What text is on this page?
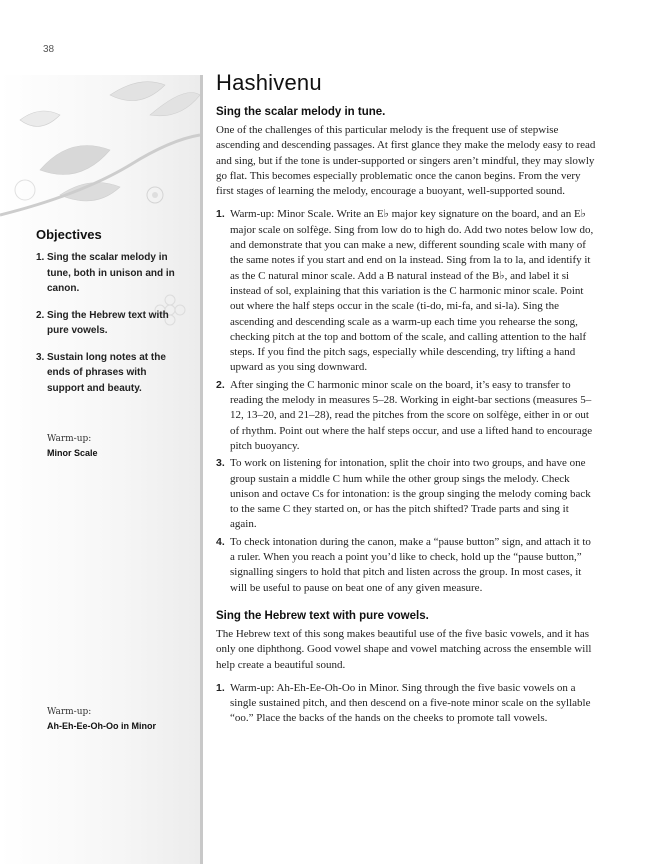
38
Objectives
1. Sing the scalar melody in tune, both in unison and in canon.
2. Sing the Hebrew text with pure vowels.
3. Sustain long notes at the ends of phrases with support and beauty.
Warm-up:
Minor Scale
Warm-up:
Ah-Eh-Ee-Oh-Oo in Minor
Hashivenu
Sing the scalar melody in tune.

One of the challenges of this particular melody is the frequent use of stepwise ascending and descending passages. At first glance they make the melody easy to read and sing, but if the tone is under-supported or singers aren’t mindful, they may slowly go flat. This becomes especially problematic once the canon begins. From the very first stages of learning the melody, encourage a buoyant, well-supported sound.

1. Warm-up: Minor Scale. Write an E♭ major key signature on the board, and an E♭ major scale on solfège. Sing from low do to high do. Add two notes below low do, and demonstrate that you can make a new, different sounding scale with many of the same notes if you start and end on la instead. Sing from la to la, and identify it as the C natural minor scale. Add a B natural instead of the B♭, and label it si instead of sol, explaining that this variation is the C harmonic minor scale. Point out where the half steps occur in the scale (ti-do, mi-fa, and si-la). Sing the ascending and descending scale as a warm-up each time you rehearse the song, checking pitch at the top and bottom of the scale, and calling attention to the half steps. If you find the pitch sags, especially while descending, try lifting a hand upward as you sing downward.
2. After singing the C harmonic minor scale on the board, it’s easy to transfer to reading the melody in measures 5–28. Working in eight-bar sections (measures 5–12, 13–20, and 21–28), read the pitches from the score on solfège, either in or out of rhythm. Point out where the half steps occur, and use a lifted hand to encourage pitch buoyancy.
3. To work on listening for intonation, split the choir into two groups, and have one group sustain a middle C hum while the other group sings the melody. Check unison and octave Cs for intonation: is the group singing the melody coming back to the same C they started on, or has the pitch shifted? Trade parts and sing it again.
4. To check intonation during the canon, make a “pause button” sign, and attach it to a ruler. When you reach a point you’d like to check, hold up the “pause button,” signalling singers to hold that pitch and listen across the group. In most cases, it will be useful to pause on beat one of any given measure.
Sing the Hebrew text with pure vowels.

The Hebrew text of this song makes beautiful use of the five basic vowels, and it has only one diphthong. Good vowel shape and vowel matching across the ensemble will help create a beautiful sound.

1. Warm-up: Ah-Eh-Ee-Oh-Oo in Minor. Sing through the five basic vowels on a single sustained pitch, and then descend on a five-note minor scale on the syllable “oo.” Place the backs of the hands on the cheeks to promote tall vowels.
